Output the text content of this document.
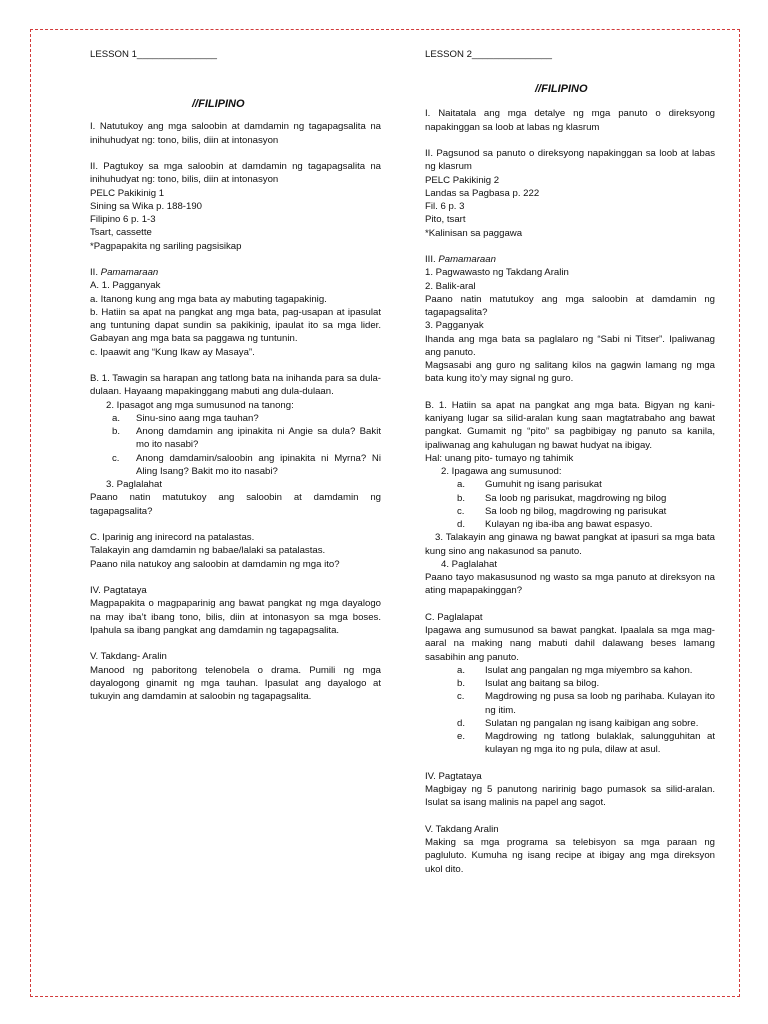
LESSON 1_______________

//FILIPINO

I. Natutukoy ang mga saloobin at damdamin ng tagapagsalita na inihuhudyat ng: tono, bilis, diin at intonasyon

II. Pagtukoy sa mga saloobin at damdamin ng tagapagsalita na inihuhudyat ng: tono, bilis, diin at intonasyon

PELC Pakikinig 1

Sining sa Wika p. 188-190

Filipino 6 p. 1-3

Tsart, cassette

*Pagpapakita ng sariling pagsisikap

II. Pamamaraan

A. 1. Pagganyak

a. Itanong kung ang mga bata ay mabuting tagapakinig.

b. Hatiin sa apat na pangkat ang mga bata, pag-usapan at ipasulat ang tuntuning dapat sundin sa pakikinig, ipaulat ito sa mga lider. Gabayan ang mga bata sa paggawa ng tuntunin.

c. Ipaawit ang “Kung Ikaw ay Masaya”.

B. 1. Tawagin sa harapan ang tatlong bata na inihanda para sa dula-dulaan. Hayaang mapakinggang mabuti ang dula-dulaan.

2. Ipasagot ang mga sumusunod na tanong:

a.	Sinu-sino aang mga tauhan?
b.	Anong damdamin ang ipinakita ni Angie sa dula? Bakit mo ito nasabi?
c.	Anong damdamin/saloobin ang ipinakita ni Myrna? Ni Aling Isang? Bakit mo ito nasabi?

3. Paglalahat

Paano natin matutukoy ang saloobin at damdamin ng tagapagsalita?

C. Iparinig ang inirecord na patalastas.

Talakayin ang damdamin ng babae/lalaki sa patalastas.

Paano nila natukoy ang saloobin at damdamin ng mga ito?

IV. Pagtataya

Magpapakita o magpaparinig ang bawat pangkat ng mga dayalogo na may iba’t ibang tono, bilis, diin at intonasyon sa mga boses. Ipahula sa ibang pangkat ang damdamin ng tagapagsalita.

V. Takdang- Aralin

Manood ng paboritong telenobela o drama. Pumili ng mga dayalogong ginamit ng mga tauhan. Ipasulat ang dayalogo at tukuyin ang damdamin at saloobin ng tagapagsalita.

LESSON 2_______________

//FILIPINO

I. Naitatala ang mga detalye ng mga panuto o direksyong napakinggan sa loob at labas ng klasrum

II. Pagsunod sa panuto o direksyong napakinggan sa loob at labas ng klasrum

PELC Pakikinig 2

Landas sa Pagbasa p. 222

Fil. 6 p. 3

Pito, tsart

*Kalinisan sa paggawa

III. Pamamaraan

1. Pagwawasto ng Takdang Aralin

2. Balik-aral

Paano natin matutukoy ang mga saloobin at damdamin ng tagapagsalita?

3. Pagganyak

Ihanda ang mga bata sa paglalaro ng “Sabi ni Titser”. Ipaliwanag ang panuto.

Magsasabi ang guro ng salitang kilos na gagwin lamang ng mga bata kung ito’y may signal ng guro.

B. 1. Hatiin sa apat na pangkat ang mga bata. Bigyan ng kani-kaniyang lugar sa silid-aralan kung saan magtatrabaho ang bawat pangkat. Gumamit ng “pito” sa pagbibigay ng panuto sa kanila, ipaliwanag ang kahulugan ng bawat hudyat na ibigay.

Hal: unang pito- tumayo ng tahimik

2. Ipagawa ang sumusunod:

a.	Gumuhit ng isang parisukat
b.	Sa loob ng parisukat, magdrowing ng bilog
c.	Sa loob ng bilog, magdrowing ng parisukat
d.	Kulayan ng iba-iba ang bawat espasyo.

3. Talakayin ang ginawa ng bawat pangkat at ipasuri sa mga bata kung sino ang nakasunod sa panuto.

4. Paglalahat

Paano tayo makasusunod ng wasto sa mga panuto at direksyon na ating mapapakinggan?

C. Paglalapat

Ipagawa ang sumusunod sa bawat pangkat. Ipaalala sa mga mag-aaral na making nang mabuti dahil dalawang beses lamang sasabihin ang panuto.

a.	Isulat ang pangalan ng mga miyembro sa kahon.
b.	Isulat ang baitang sa bilog.
c.	Magdrowing ng pusa sa loob ng parihaba. Kulayan ito ng itim.
d.	Sulatan ng pangalan ng isang kaibigan ang sobre.
e.	Magdrowing ng tatlong bulaklak, salungguhitan at kulayan ng mga ito ng pula, dilaw at asul.

IV. Pagtataya

Magbigay ng 5 panutong naririnig bago pumasok sa silid-aralan. Isulat sa isang malinis na papel ang sagot.

V. Takdang Aralin

Making sa mga programa sa telebisyon sa mga paraan ng pagluluto. Kumuha ng isang recipe at ibigay ang mga direksyon ukol dito.
